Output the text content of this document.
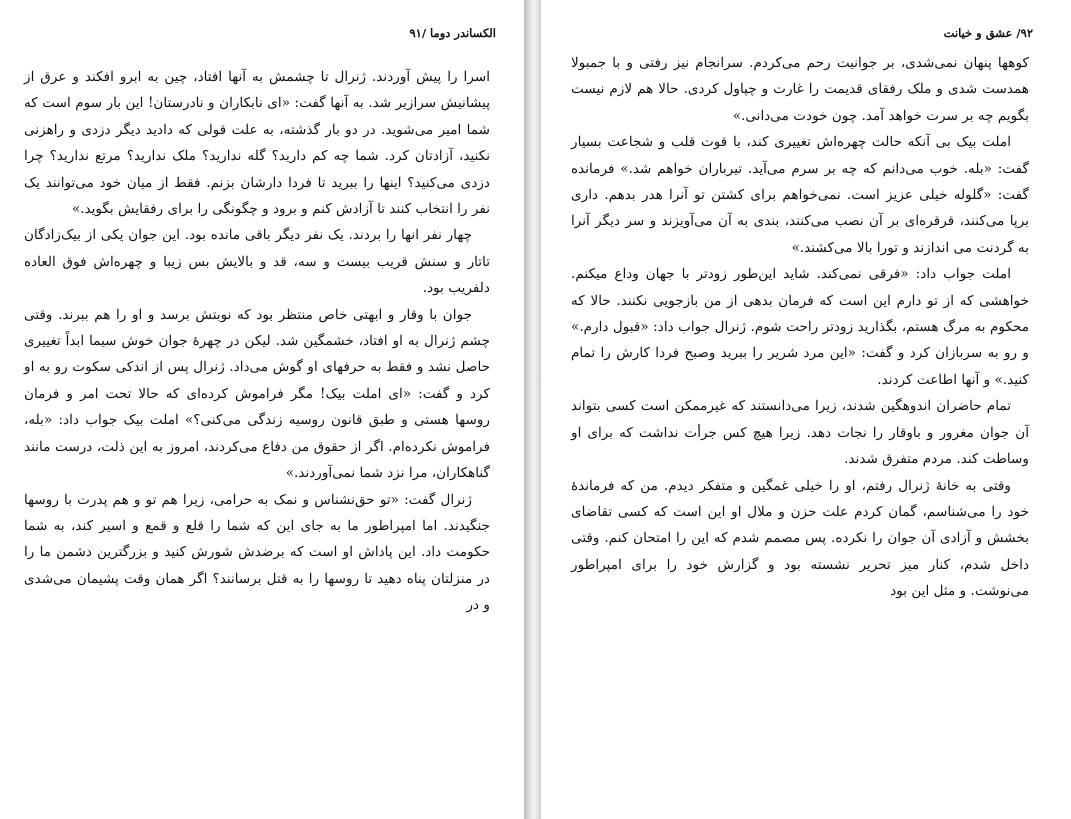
الکساندر دوما /۹۱

اسرا را پیش آوردند. ژنرال تا چشمش به آنها افتاد، چین به ابرو افکند و عرق از پیشانیش سرازیر شد. به آنها گفت: «ای نابکاران و نادرستان! این بار سوم است که شما امیر می‌شوید. در دو بار گذشته، به علت قولی که دادید دیگر دزدی و راهزنی نکنید، آزادتان کرد. شما چه کم دارید؟ گله ندارید؟ ملک ندارید؟ مرتع ندارید؟ چرا دزدی می‌کنید؟ اینها را ببرید تا فردا دارشان بزنم. فقط از میان خود می‌توانند یک نفر را انتخاب کنند تا آزادش کنم و برود و چگونگی را برای رفقایش بگوید.»

چهار نفر انها را بردند. یک نفر دیگر باقی مانده بود. این جوان یکی از بیک‌زادگان تاتار و سنش قریب بیست و سه، قد و بالایش بس زیبا و چهره‌اش فوق العاده دلفریب بود.

جوان با وقار و ابهتی خاص منتظر بود که نوبتش برسد و او را هم ببرند. وقتی چشم ژنرال به او افتاد، خشمگین شد. لیکن در چهرهٔ جوان خوش سیما ابداً تغییری حاصل نشد و فقط به حرفهای او گوش می‌داد. ژنرال پس از اندکی سکوت رو به او کرد و گفت: «ای املت بیک! مگر فراموش کرده‌ای که حالا تحت امر و فرمان روسها هستی و طبق قانون روسیه زندگی می‌کنی؟» املت بیک جواب داد: «بله، فراموش نکرده‌ام. اگر از حقوق من دفاع می‌کردند، امروز به این ذلت، درست مانند گناهکاران، مرا نزد شما نمی‌آوردند.»

ژنرال گفت: «تو حق‌نشناس و نمک به حرامی، زیرا هم تو و هم پدرت با روسها جنگیدند. اما امپراطور ما به جای این که شما را قلع و قمع و اسیر کند، به شما حکومت داد. این پاداش او است که برضدش شورش کنید و بزرگترین دشمن ما را در منزلتان پناه دهید تا روسها را به قتل برسانند؟ اگر همان وقت پشیمان می‌شدی و در

۹۲/ عشق و خیانت

کوهها پنهان نمی‌شدی، بر جوانیت رحم می‌کردم. سرانجام نیز رفتی و با جمبولا همدست شدی و ملک رفقای قدیمت را غارت و چپاول کردی. حالا هم لازم نیست بگویم چه بر سرت خواهد آمد. چون خودت می‌دانی.»

املت بیک بی آنکه حالت چهره‌اش تغییری کند، با قوت قلب و شجاعت بسیار گفت: «بله. خوب می‌دانم که چه بر سرم می‌آید. تیرباران خواهم شد.» فرمانده گفت: «گلوله خیلی عزیز است. نمی‌خواهم برای کشتن تو آنرا هدر بدهم. داری برپا می‌کنند، قرقره‌ای بر آن نصب می‌کنند، بندی به آن می‌آویزند و سر دیگر آنرا به گردنت می اندازند و تورا بالا می‌کشند.»

املت جواب داد: «فرقی نمی‌کند. شاید این‌طور زودتر با جهان وداع میکنم. خواهشی که از تو دارم این است که فرمان بدهی از من بازجویی نکنند. حالا که محکوم به مرگ هستم، بگذارید زودتر راحت شوم. ژنرال جواب داد: «قبول دارم.» و رو به سربازان کرد و گفت: «این مرد شریر را ببرید وصبح فردا کارش را تمام کنید.» و آنها اطاعت کردند.

تمام حاضران اندوهگین شدند، زیرا می‌دانستند که غیرممکن است کسی بتواند آن جوان مغرور و باوقار را نجات دهد. زیرا هیچ کس جرأت نداشت که برای او وساطت کند. مردم متفرق شدند.

وقتی به خانهٔ ژنرال رفتم، او را خیلی غمگین و متفکر دیدم. من که فرماندهٔ خود را می‌شناسم، گمان کردم علت حزن و ملال او این است که کسی تقاضای بخشش و آزادی آن جوان را نکرده. پس مصمم شدم که این را امتحان کنم. وقتی داخل شدم، کنار میز تحریر نشسته بود و گزارش خود را برای امپراطور می‌نوشت. و مثل این بود
